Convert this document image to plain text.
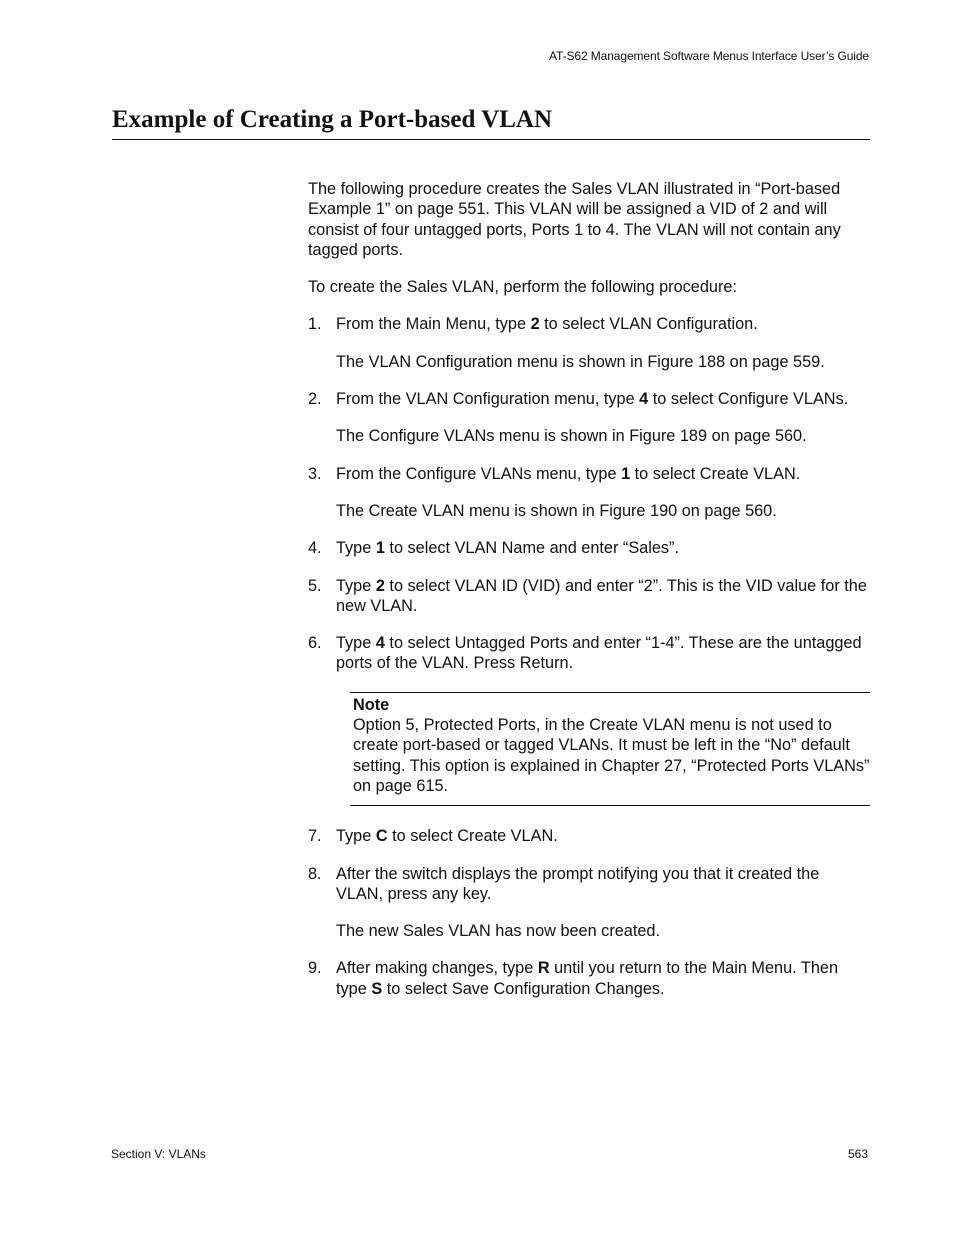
AT-S62 Management Software Menus Interface User’s Guide
Example of Creating a Port-based VLAN

The following procedure creates the Sales VLAN illustrated in “Port-based Example 1” on page 551. This VLAN will be assigned a VID of 2 and will consist of four untagged ports, Ports 1 to 4. The VLAN will not contain any tagged ports.

To create the Sales VLAN, perform the following procedure:

1. From the Main Menu, type 2 to select VLAN Configuration.

The VLAN Configuration menu is shown in Figure 188 on page 559.

2. From the VLAN Configuration menu, type 4 to select Configure VLANs.

The Configure VLANs menu is shown in Figure 189 on page 560.

3. From the Configure VLANs menu, type 1 to select Create VLAN.

The Create VLAN menu is shown in Figure 190 on page 560.

4. Type 1 to select VLAN Name and enter “Sales”.
5. Type 2 to select VLAN ID (VID) and enter “2”. This is the VID value for the new VLAN.
6. Type 4 to select Untagged Ports and enter “1-4”. These are the untagged ports of the VLAN. Press Return.
Note
Option 5, Protected Ports, in the Create VLAN menu is not used to create port-based or tagged VLANs. It must be left in the “No” default setting. This option is explained in Chapter 27, “Protected Ports VLANs” on page 615.
7. Type C to select Create VLAN.
8. After the switch displays the prompt notifying you that it created the VLAN, press any key.

The new Sales VLAN has now been created.

9. After making changes, type R until you return to the Main Menu. Then type S to select Save Configuration Changes.
Section V: VLANs	563
